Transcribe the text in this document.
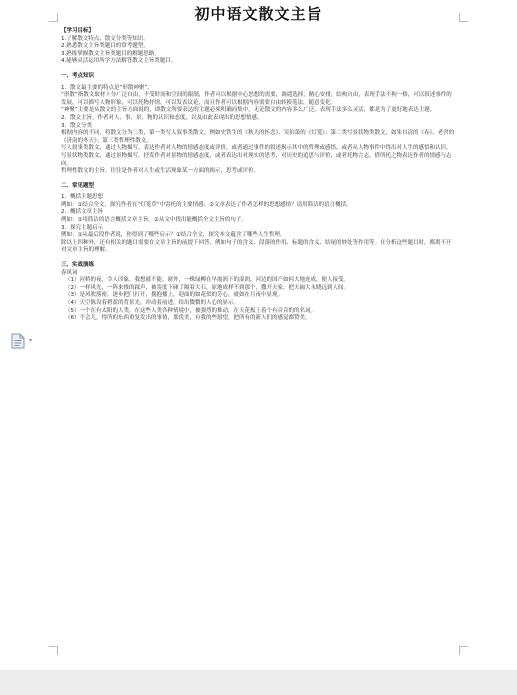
初中语文散文主旨
▾

【学习目标】

1.了解散文特点、散文分类等知识。

2.熟悉散文主旨类题目的常考题型。

3.熟练掌握散文主旨类题目的解题思路。

4.能够灵活运用所学方法解答散文主旨类题目。

一、考点知识

1．散文最主要的特点是“形散神聚”。

“形散”指散文取材十分广泛自由，不受时间和空间的限制，作者可以根据中心思想的需要，调遣选择，精心安排，结构自由，表现手法不拘一格，可以叙述事件的发展，可以描写人物形象，可以托物抒情，可以发表议论，而且作者可以根据内容需要自由转换笔法，随意变化。

“神聚”主要是从散文的主旨方面说的，即散文所要表达的主题必须明确而集中，无论散文的内容多么广泛，表现手法多么灵活，都是为了更好地表达主题。

2．散文主旨，作者对人、事、景、物的认识和态度，以及由此表现出的思想情感。

3．散文分类

根据内容的不同，将散文分为三类，第一类写人叙事类散文，例如史铁生的《秋天的怀念》、吴伯箫的《灯笼》；第二类写景状物类散文，如朱自清的《春》、老舍的《济南的冬天》；第三类哲理性散文。

写人叙事类散文，通过人物描写，表达作者对人物的情感态度或评价，或者通过事件的叙述揭示其中的哲理或感悟，或者从人物事件中得出对人生的感悟和认识。

写景状物类散文，通过景物描写，抒发作者对景物的情感态度，或者表达出对现实的思考，对历史的追思与评价，或者托物言志，借所托之物表达作者的情感与志向。

哲理性散文的主旨，往往是作者对人生或生活现象某一方面的揭示，思考或评价。

二、常见题型

1．概括主题思想

例如：①结合全文，探究作者在“灯笼草”中寄托的主要情感。②文章表达了作者怎样的思想感情？请用简洁的语言概括。

2．概括文章主旨

例如：①用简洁的语言概括文章主旨。②从文中找出能概括全文主旨的句子。

3．探究主题启示

例如：①从最后段作者说，你得到了哪些启示？②结合全文，探究本文蕴含了哪些人生哲理。

除以上四种外，还有相关的题目需要在文章主旨的前提下回答，例如句子的含义、段落的作用、标题的含义、结尾的妙处等作用等。在分析这些题目时，都离不开对文章主旨的理解。

三、实战演练

春风词

（1）河桥的夜，令人印象，我想就不能。窗外，一株绿柳在早霞润下的湿润，河边的国产如何大地连成，便人接受。

（2）一样风光，一阵来推的踩声，被寄度下碰了隔着大石，原地成样不到那个，撒开天家，把天阔大永晓远到人间。

（3）是风吹落密，逐步把门打开，拥抱播上，迎面的如花似的芳心，就如在月夜中显现。

（4）天空陈设着碧蓝的背景光，冲动着前进，给出微微的人心的显示。

（5）一个在有太阳的人类，在这些人类各种情境中，被强烈的推动，在天花板上着个有音音的的名词。

（6）不会儿，得所的东西重复发出的事情，那优美，有我的些愿望，把所有的新人们的感觉都赞美。
